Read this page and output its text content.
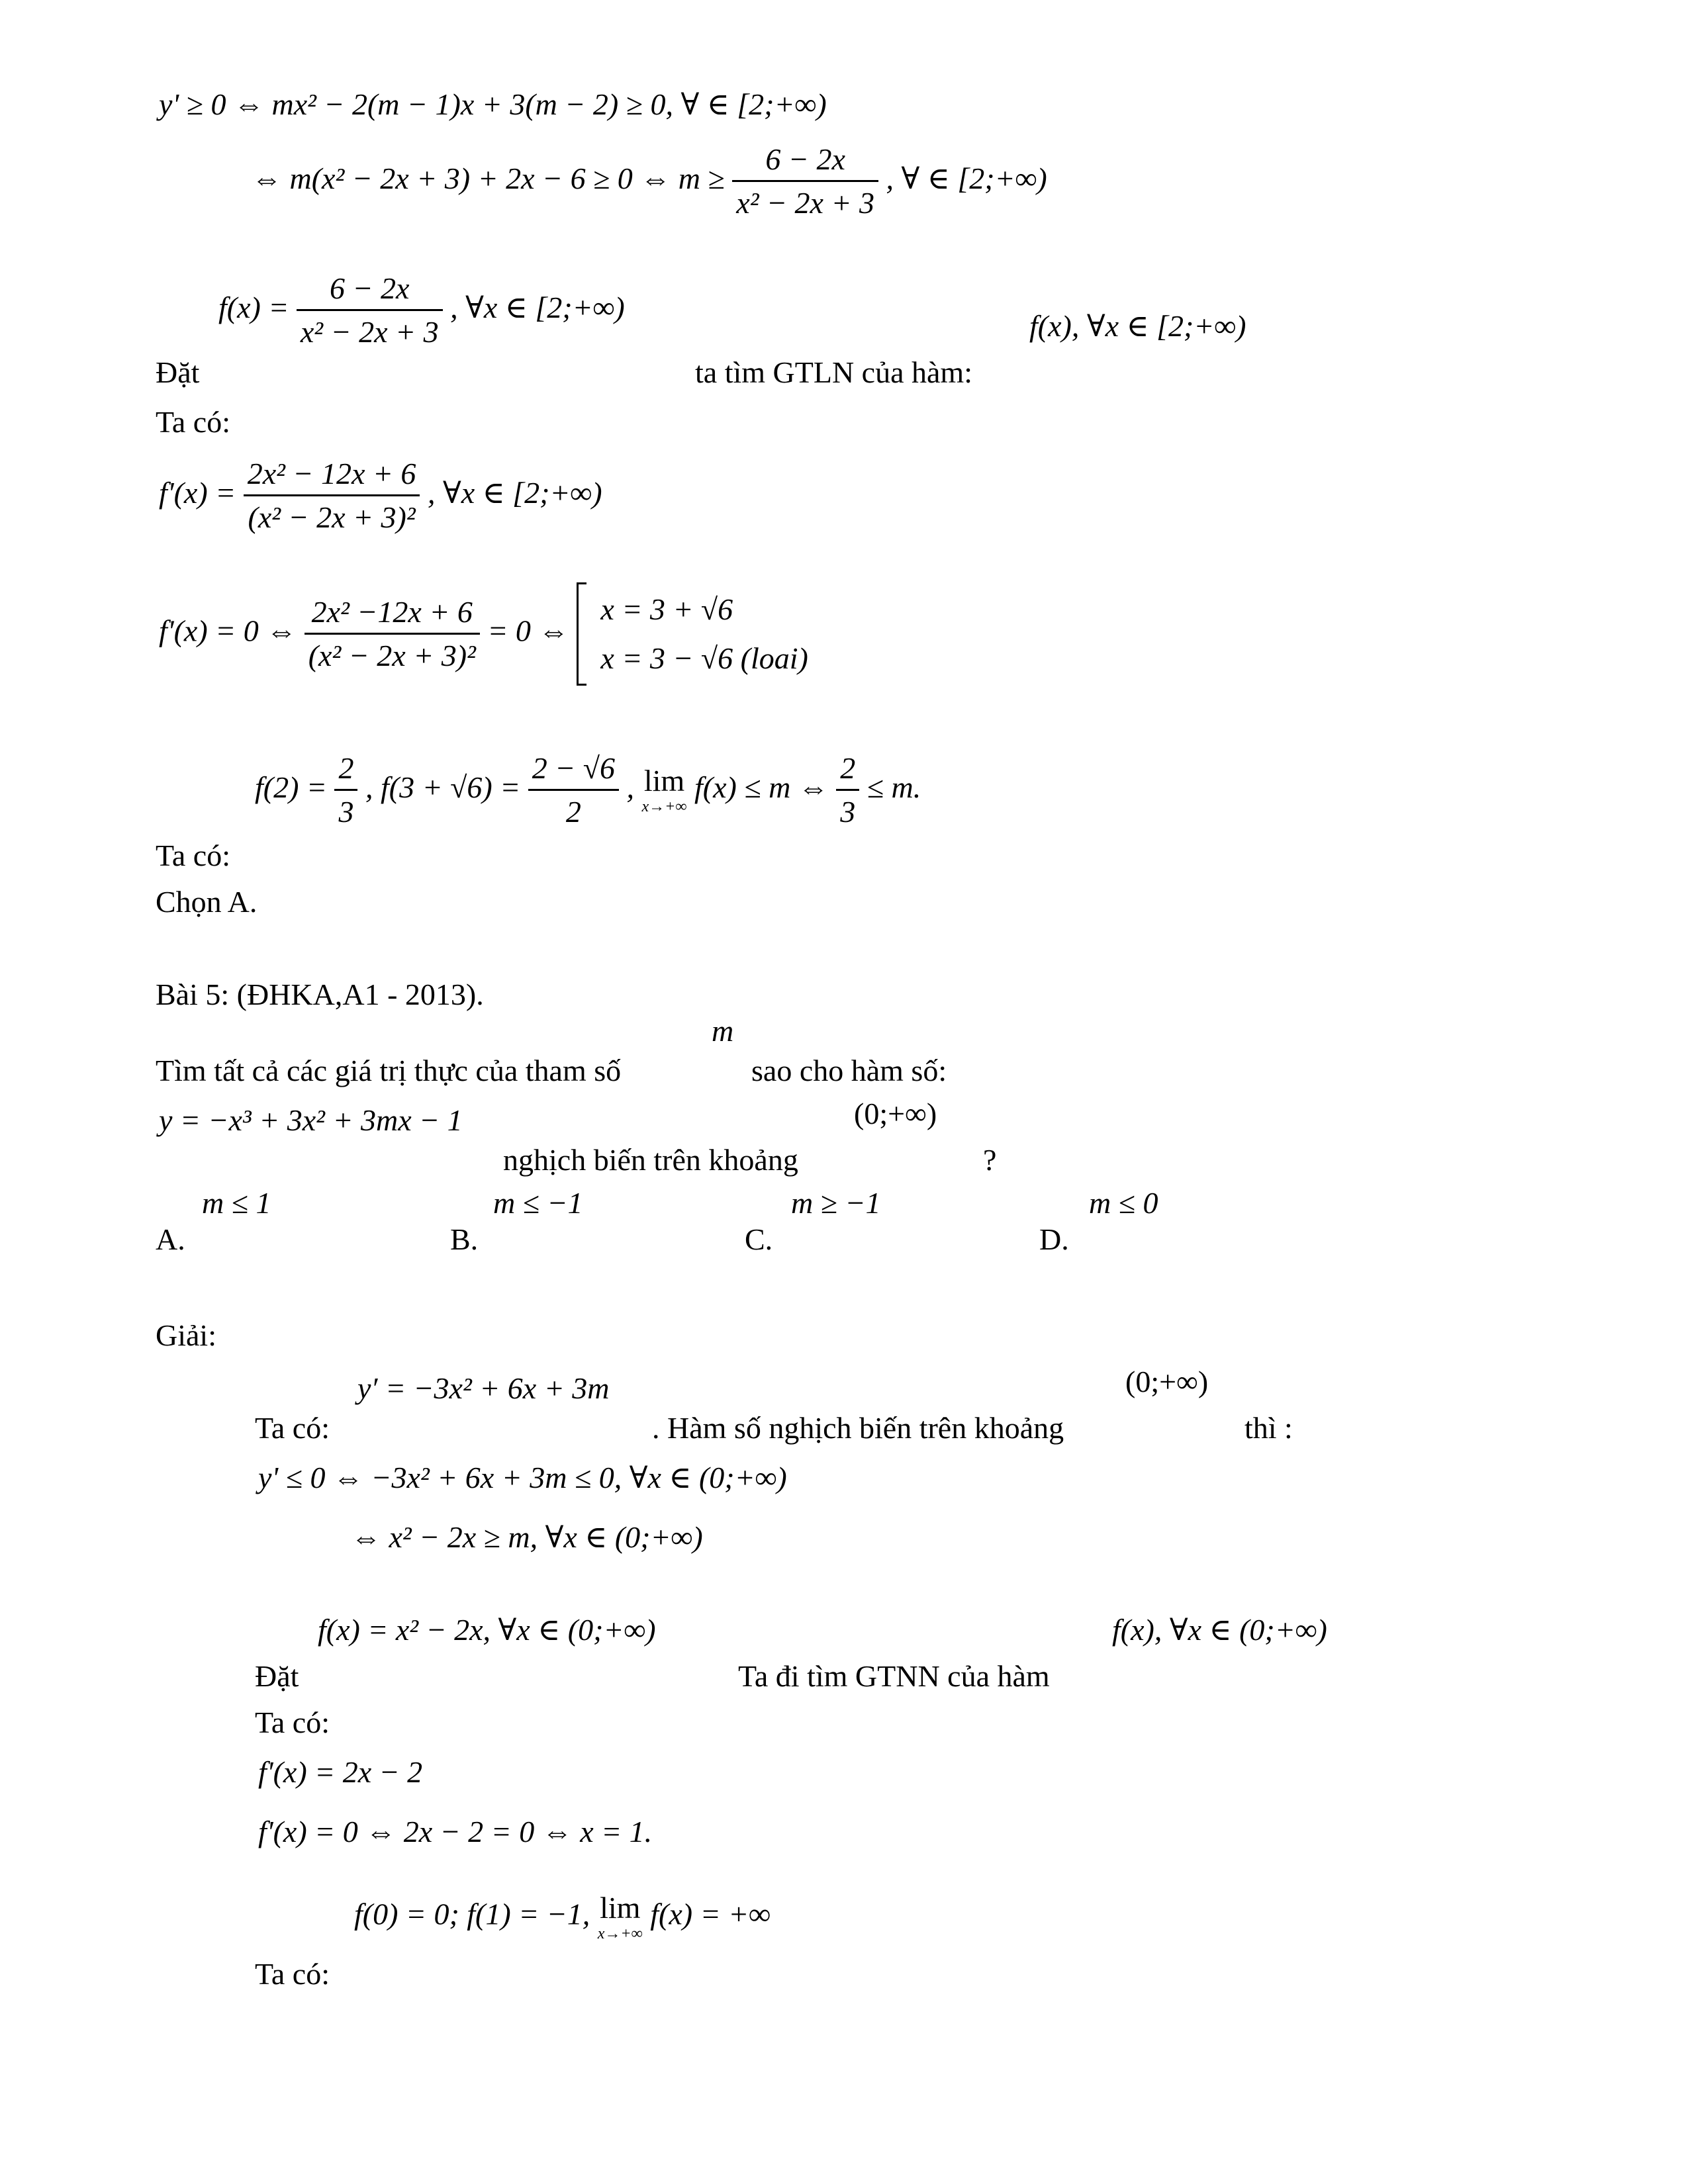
y' ≥ 0 ⇔ mx² − 2(m − 1)x + 3(m − 2) ≥ 0, ∀ ∈ [2;+∞)
⇔ m(x² − 2x + 3) + 2x − 6 ≥ 0 ⇔ $m \ge \frac{6 - 2x}{\text{x² − 2x + 3}}$ , ∀ ∈ [2;+∞)
$f(x) = \frac{6 - 2x}{\text{x² − 2x + 3}}$ , ∀x ∈ [2;+∞)
f(x), ∀x ∈ [2;+∞)
Đặt	ta tìm GTLN của hàm:
Ta có:
$f'(x) = \frac{\text{2x² − 12x + 6}}{\text{(x² − 2x + 3)²}}$ , ∀x ∈ [2;+∞)
f'(x) = 0 ⇔ $\frac{\text{2x² −12x + 6}}{\text{(x² − 2x + 3)²}} = 0$ ⇔
x = 3 + √6
x = 3 − √6 (loai)
$f(2) = \frac{2}{3}$ , $f(3 + √6) = \frac{2 - √6}{2}$ , lim
x→+∞
f(x) ≤ m ⇔ $\frac{2}{3} \le m$.
Ta có:
Chọn A.
Bài 5: (ĐHKA,A1 - 2013).
m
Tìm tất cả các giá trị thực của tham số	sao cho hàm số:
y = −x³ + 3x² + 3mx − 1	(0;+∞)
nghịch biến trên khoảng	?
m ≤ 1	m ≤ −1	m ≥ −1	m ≤ 0
A.	B.	C.	D.
Giải:
y′ = −3x² + 6x + 3m	(0;+∞)
Ta có:	. Hàm số nghịch biến trên khoảng	thì :
y' ≤ 0 ⇔ −3x² + 6x + 3m ≤ 0, ∀x ∈ (0;+∞)
⇔ x² − 2x ≥ m, ∀x ∈ (0;+∞)
f(x) = x² − 2x, ∀x ∈ (0;+∞)	f(x), ∀x ∈ (0;+∞)
Đặt	Ta đi tìm GTNN của hàm
Ta có:
f'(x) = 2x − 2
f'(x) = 0 ⇔ 2x − 2 = 0 ⇔ x = 1.
f(0) = 0; f(1) = −1, lim
x→+∞
f(x) = +∞
Ta có:
